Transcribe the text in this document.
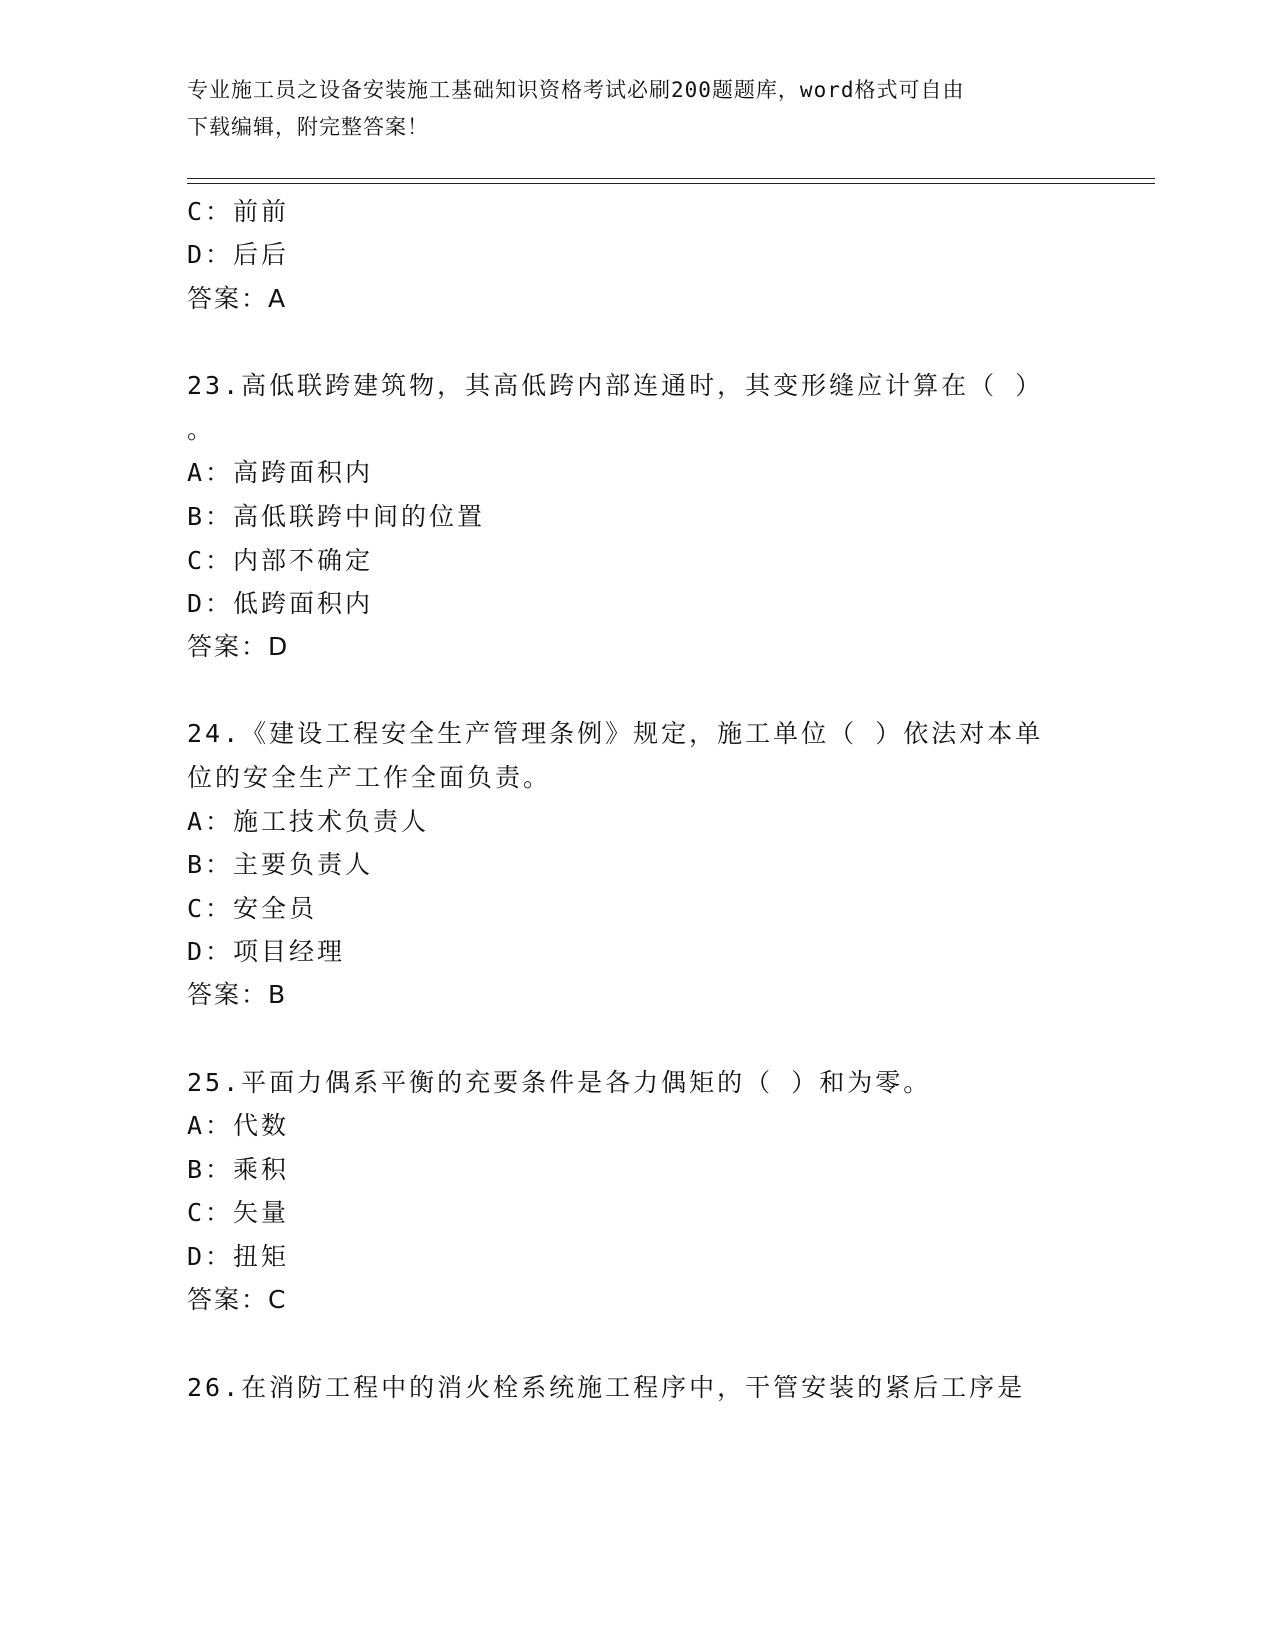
专业施工员之设备安装施工基础知识资格考试必刷200题题库，word格式可自由
下载编辑，附完整答案！
C：前前
D：后后
答案：A
23.高低联跨建筑物，其高低跨内部连通时，其变形缝应计算在（ ）
。
A：高跨面积内
B：高低联跨中间的位置
C：内部不确定
D：低跨面积内
答案：D
24.《建设工程安全生产管理条例》规定，施工单位（ ）依法对本单
位的安全生产工作全面负责。
A：施工技术负责人
B：主要负责人
C：安全员
D：项目经理
答案：B
25.平面力偶系平衡的充要条件是各力偶矩的（ ）和为零。
A：代数
B：乘积
C：矢量
D：扭矩
答案：C
26.在消防工程中的消火栓系统施工程序中，干管安装的紧后工序是
